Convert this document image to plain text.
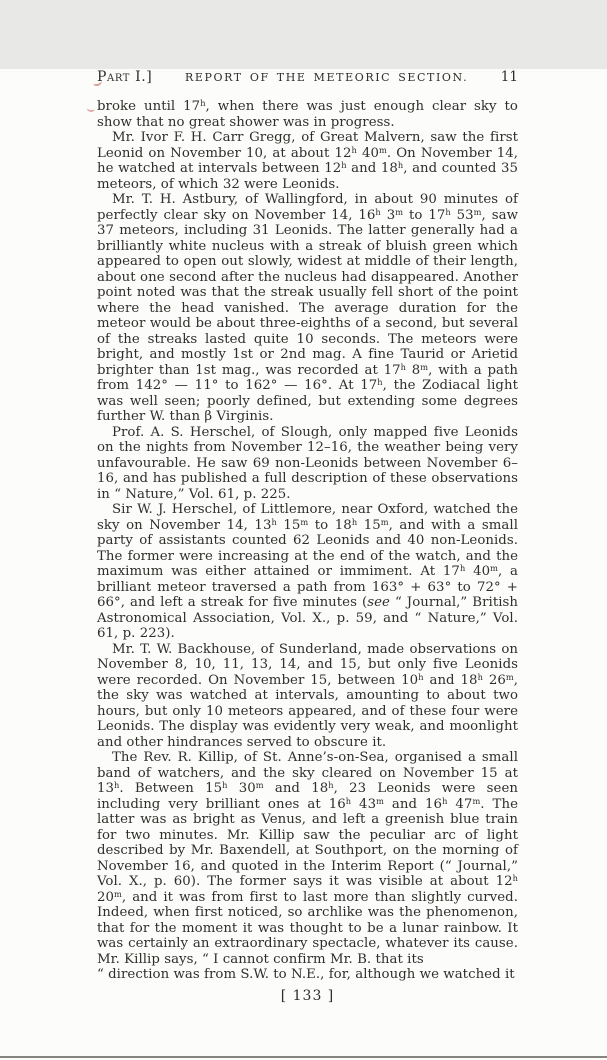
Part I.]	REPORT OF THE METEORIC SECTION. 11

broke until 17$^h$, when there was just enough clear sky to show that no great shower was in progress.

Mr. Ivor F. H. Carr Gregg, of Great Malvern, saw the first Leonid on November 10, at about 12$^h$ 40$^m$. On November 14, he watched at intervals between 12$^h$ and 18$^h$, and counted 35 meteors, of which 32 were Leonids.

Mr. T. H. Astbury, of Wallingford, in about 90 minutes of perfectly clear sky on November 14, 16$^h$ 3$^m$ to 17$^h$ 53$^m$, saw 37 meteors, including 31 Leonids. The latter generally had a brilliantly white nucleus with a streak of bluish green which appeared to open out slowly, widest at middle of their length, about one second after the nucleus had disappeared. Another point noted was that the streak usually fell short of the point where the head vanished. The average duration for the meteor would be about three-eighths of a second, but several of the streaks lasted quite 10 seconds. The meteors were bright, and mostly 1st or 2nd mag. A fine Taurid or Arietid brighter than 1st mag., was recorded at 17$^h$ 8$^m$, with a path from 142° — 11° to 162° — 16°. At 17$^h$, the Zodiacal light was well seen; poorly defined, but extending some degrees further W. than β Virginis.

Prof. A. S. Herschel, of Slough, only mapped five Leonids on the nights from November 12–16, the weather being very unfavourable. He saw 69 non-Leonids between November 6–16, and has published a full description of these observations in “ Nature,” Vol. 61, p. 225.

Sir W. J. Herschel, of Littlemore, near Oxford, watched the sky on November 14, 13$^h$ 15$^m$ to 18$^h$ 15$^m$, and with a small party of assistants counted 62 Leonids and 40 non-Leonids. The former were increasing at the end of the watch, and the maximum was either attained or immiment. At 17$^h$ 40$^m$, a brilliant meteor traversed a path from 163° + 63° to 72° + 66°, and left a streak for five minutes (see “ Journal,” British Astronomical Association, Vol. X., p. 59, and “ Nature,” Vol. 61, p. 223).

Mr. T. W. Backhouse, of Sunderland, made observations on November 8, 10, 11, 13, 14, and 15, but only five Leonids were recorded. On November 15, between 10$^h$ and 18$^h$ 26$^m$, the sky was watched at intervals, amounting to about two hours, but only 10 meteors appeared, and of these four were Leonids. The display was evidently very weak, and moonlight and other hindrances served to obscure it.

The Rev. R. Killip, of St. Anne’s-on-Sea, organised a small band of watchers, and the sky cleared on November 15 at 13$^h$. Between 15$^h$ 30$^m$ and 18$^h$, 23 Leonids were seen including very brilliant ones at 16$^h$ 43$^m$ and 16$^h$ 47$^m$. The latter was as bright as Venus, and left a greenish blue train for two minutes. Mr. Killip saw the peculiar arc of light described by Mr. Baxendell, at Southport, on the morning of November 16, and quoted in the Interim Report (“ Journal,” Vol. X., p. 60). The former says it was visible at about 12$^h$ 20$^m$, and it was from first to last more than slightly curved. Indeed, when first noticed, so archlike was the phenomenon, that for the moment it was thought to be a lunar rainbow. It was certainly an extraordinary spectacle, whatever its cause. Mr. Killip says, “ I cannot confirm Mr. B. that its
“ direction was from S.W. to N.E., for, although we watched it

[ 133 ]
